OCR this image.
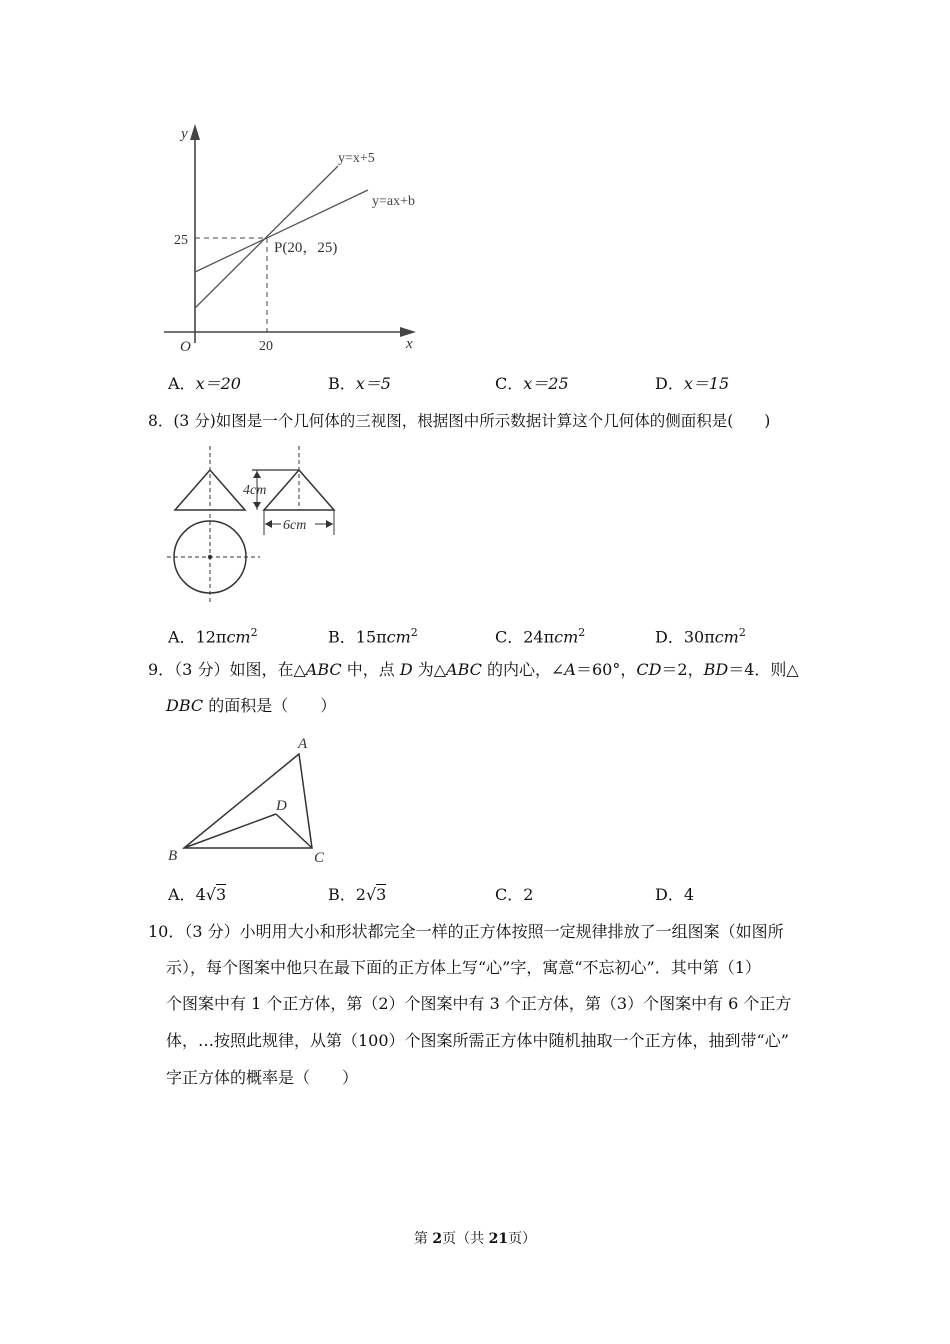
y
x
O
y=x+5
y=ax+b
P(20，25)
25
20
A．x＝20	B．x＝5	C．x＝25	D．x＝15
8．(3 分)如图是一个几何体的三视图，根据图中所示数据计算这个几何体的侧面积是(　　)
4cm
6cm
A．12πcm$^2$	B．15πcm$^2$	C．24πcm$^2$	D．30πcm$^2$
9．（3 分）如图，在△ABC 中，点 D 为△ABC 的内心，∠A＝60°，CD＝2，BD＝4．则△
DBC 的面积是（　　）
A
B	C
D
A．4√3	B．2√3	C．2	D．4
10．（3 分）小明用大小和形状都完全一样的正方体按照一定规律排放了一组图案（如图所
示），每个图案中他只在最下面的正方体上写“心”字，寓意“不忘初心”．其中第（1）
个图案中有 1 个正方体，第（2）个图案中有 3 个正方体，第（3）个图案中有 6 个正方
体，…按照此规律，从第（100）个图案所需正方体中随机抽取一个正方体，抽到带“心”
字正方体的概率是（　　）
第 2页（共 21页）
